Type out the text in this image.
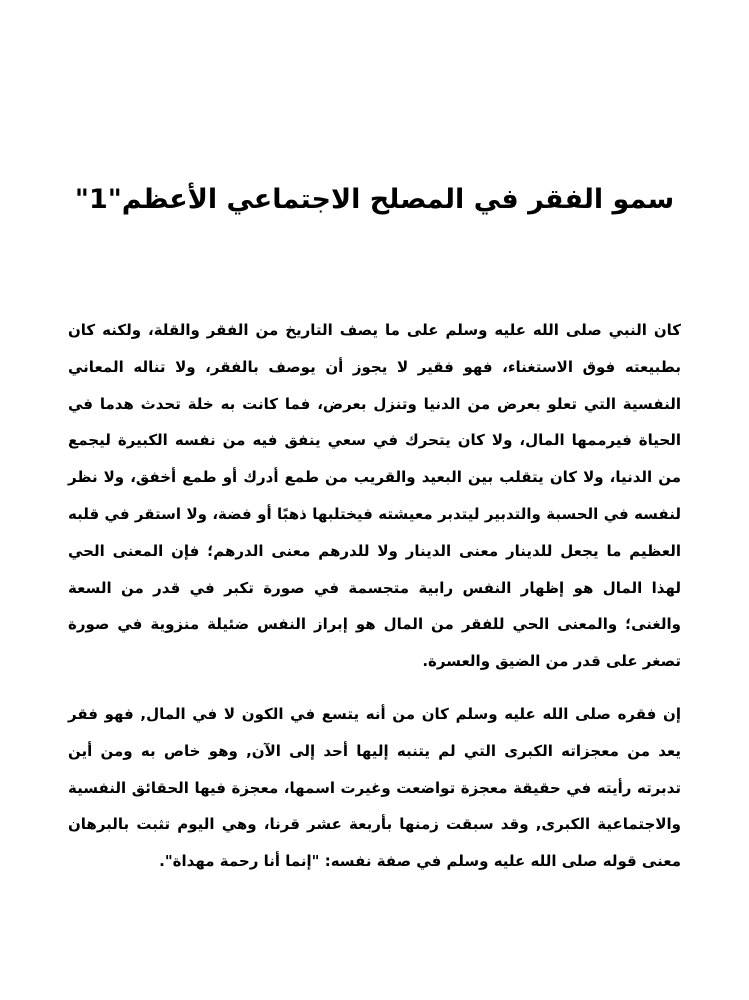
سمو الفقر في المصلح الاجتماعي الأعظم"1"

كان النبي صلى الله عليه وسلم على ما يصف التاريخ من الفقر والقلة، ولكنه كان بطبيعته فوق الاستغناء، فهو فقير لا يجوز أن يوصف بالفقر، ولا تناله المعاني النفسية التي تعلو بعرض من الدنيا وتنزل بعرض، فما كانت به خلة تحدث هدما في الحياة فيرممها المال، ولا كان يتحرك في سعي ينفق فيه من نفسه الكبيرة ليجمع من الدنيا، ولا كان يتقلب بين البعيد والقريب من طمع أدرك أو طمع أخفق، ولا نظر لنفسه في الحسبة والتدبير ليتدبر معيشته فيختلبها ذهبًا أو فضة، ولا استقر في قلبه العظيم ما يجعل للدينار معنى الدينار ولا للدرهم معنى الدرهم؛ فإن المعنى الحي لهذا المال هو إظهار النفس رابية متجسمة في صورة تكبر في قدر من السعة والغنى؛ والمعنى الحي للفقر من المال هو إبراز النفس ضئيلة منزوية في صورة تصغر على قدر من الضيق والعسرة.

إن فقره صلى الله عليه وسلم كان من أنه يتسع في الكون لا في المال, فهو فقر يعد من معجزاته الكبرى التي لم يتنبه إليها أحد إلى الآن, وهو خاص به ومن أين تدبرته رأيته في حقيقة معجزة تواضعت وغيرت اسمها، معجزة فيها الحقائق النفسية والاجتماعية الكبرى, وقد سبقت زمنها بأربعة عشر قرنا، وهي اليوم تثبت بالبرهان معنى قوله صلى الله عليه وسلم في صفة نفسه: "إنما أنا رحمة مهداة".
